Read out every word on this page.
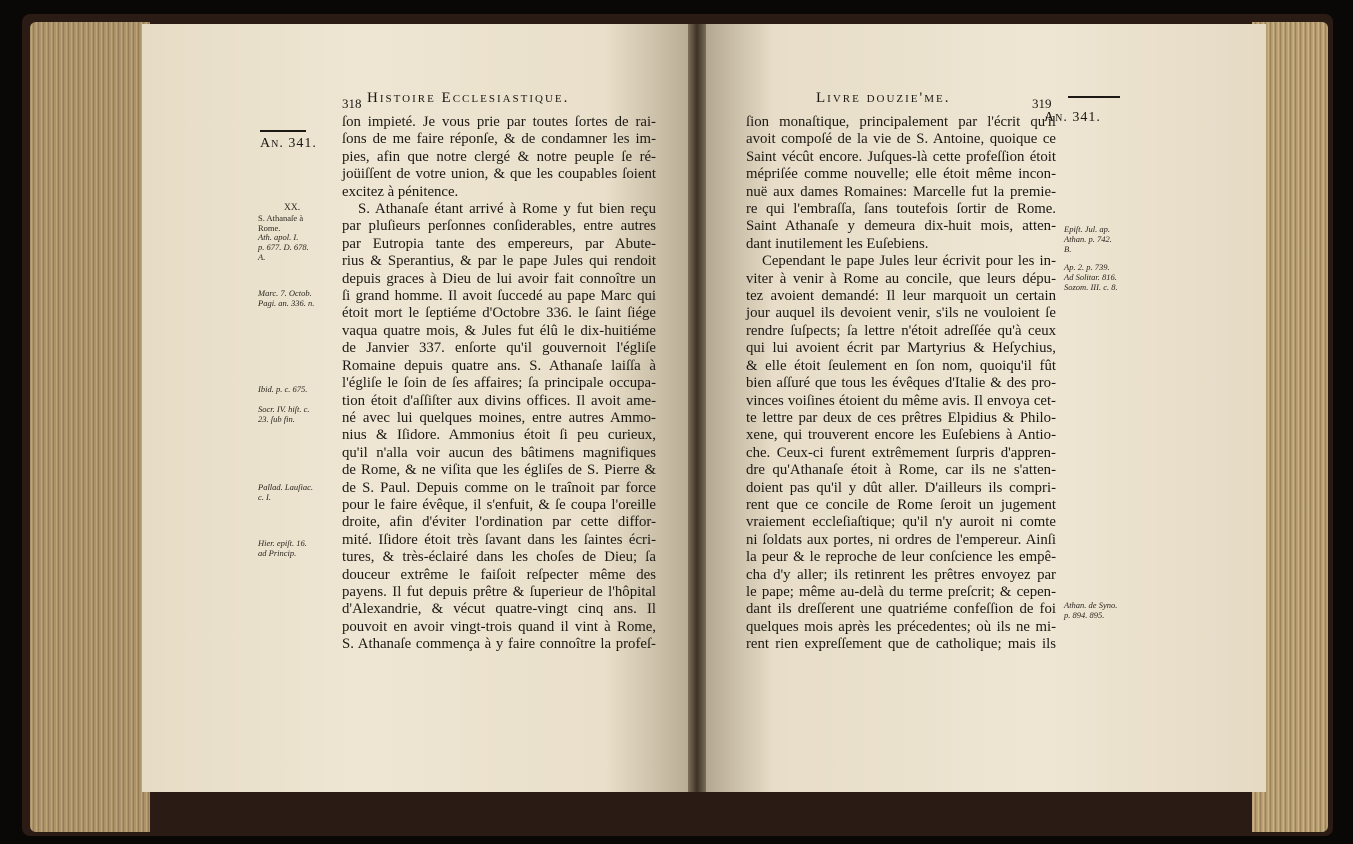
318 Histoire Ecclesiastique.
An. 341.
ſon impieté. Je vous prie par toutes ſortes de rai-
ſons de me faire réponſe, & de condamner les im-
pies, afin que notre clergé & notre peuple ſe ré-
joüiſſent de votre union, & que les coupables ſoient
excitez à pénitence.
S. Athanaſe étant arrivé à Rome y fut bien reçu
par pluſieurs perſonnes conſiderables, entre autres
par Eutropia tante des empereurs, par Abute-
rius & Sperantius, & par le pape Jules qui rendoit
depuis graces à Dieu de lui avoir fait connoître un
ſi grand homme. Il avoit ſuccedé au pape Marc qui
étoit mort le ſeptiéme d'Octobre 336. le ſaint ſiége
vaqua quatre mois, & Jules fut élû le dix-huitiéme
de Janvier 337. enſorte qu'il gouvernoit l'égliſe
Romaine depuis quatre ans. S. Athanaſe laiſſa à
l'égliſe le ſoin de ſes affaires; ſa principale occupa-
tion étoit d'aſſiſter aux divins offices. Il avoit ame-
né avec lui quelques moines, entre autres Ammo-
nius & Iſidore. Ammonius étoit ſi peu curieux,
qu'il n'alla voir aucun des bâtimens magnifiques
de Rome, & ne viſita que les égliſes de S. Pierre &
de S. Paul. Depuis comme on le traînoit par force
pour le faire évêque, il s'enfuit, & ſe coupa l'oreille
droite, afin d'éviter l'ordination par cette diffor-
mité. Iſidore étoit très ſavant dans les ſaintes écri-
tures, & très-éclairé dans les choſes de Dieu; ſa
douceur extrême le faiſoit reſpecter même des
payens. Il fut depuis prêtre & ſuperieur de l'hôpital
d'Alexandrie, & vécut quatre-vingt cinq ans. Il
pouvoit en avoir vingt-trois quand il vint à Rome,
S. Athanaſe commença à y faire connoître la profeſ-
XX.
S. Athanaſe à
Rome.
Ath. apol. I.
p. 677. D. 678.
A.
Marc. 7. Octob.
Pagi. an. 336. n.
Ibid. p. c. 675.
Socr. IV. hiſt. c.
23. ſub fin.
Pallad. Lauſiac.
c. I.
Hier. epiſt. 16.
ad Princip.
Livre douzie'me.	319
An. 341.
ſion monaſtique, principalement par l'écrit qu'il
avoit compoſé de la vie de S. Antoine, quoique ce
Saint vécût encore. Juſques-là cette profeſſion étoit
mépriſée comme nouvelle; elle étoit même incon-
nuë aux dames Romaines: Marcelle fut la premie-
re qui l'embraſſa, ſans toutefois ſortir de Rome.
Saint Athanaſe y demeura dix-huit mois, atten-
dant inutilement les Euſebiens.
Cependant le pape Jules leur écrivit pour les in-
viter à venir à Rome au concile, que leurs dépu-
tez avoient demandé: Il leur marquoit un certain
jour auquel ils devoient venir, s'ils ne vouloient ſe
rendre ſuſpects; ſa lettre n'étoit adreſſée qu'à ceux
qui lui avoient écrit par Martyrius & Heſychius,
& elle étoit ſeulement en ſon nom, quoiqu'il fût
bien aſſuré que tous les évêques d'Italie & des pro-
vinces voiſines étoient du même avis. Il envoya cet-
te lettre par deux de ces prêtres Elpidius & Philo-
xene, qui trouverent encore les Euſebiens à Antio-
che. Ceux-ci furent extrêmement ſurpris d'appren-
dre qu'Athanaſe étoit à Rome, car ils ne s'atten-
doient pas qu'il y dût aller. D'ailleurs ils compri-
rent que ce concile de Rome ſeroit un jugement
vraiement eccleſiaſtique; qu'il n'y auroit ni comte
ni ſoldats aux portes, ni ordres de l'empereur. Ainſi
la peur & le reproche de leur conſcience les empê-
cha d'y aller; ils retinrent les prêtres envoyez par
le pape; même au-delà du terme preſcrit; & cepen-
dant ils dreſſerent une quatriéme confeſſion de foi
quelques mois après les précedentes; où ils ne mi-
rent rien expreſſement que de catholique; mais ils
Epiſt. Jul. ap.
Athan. p. 742.
B.
Ap. 2. p. 739.
Ad Solitar. 816.
Sozom. III. c. 8.
Athan. de Syno.
p. 894. 895.
